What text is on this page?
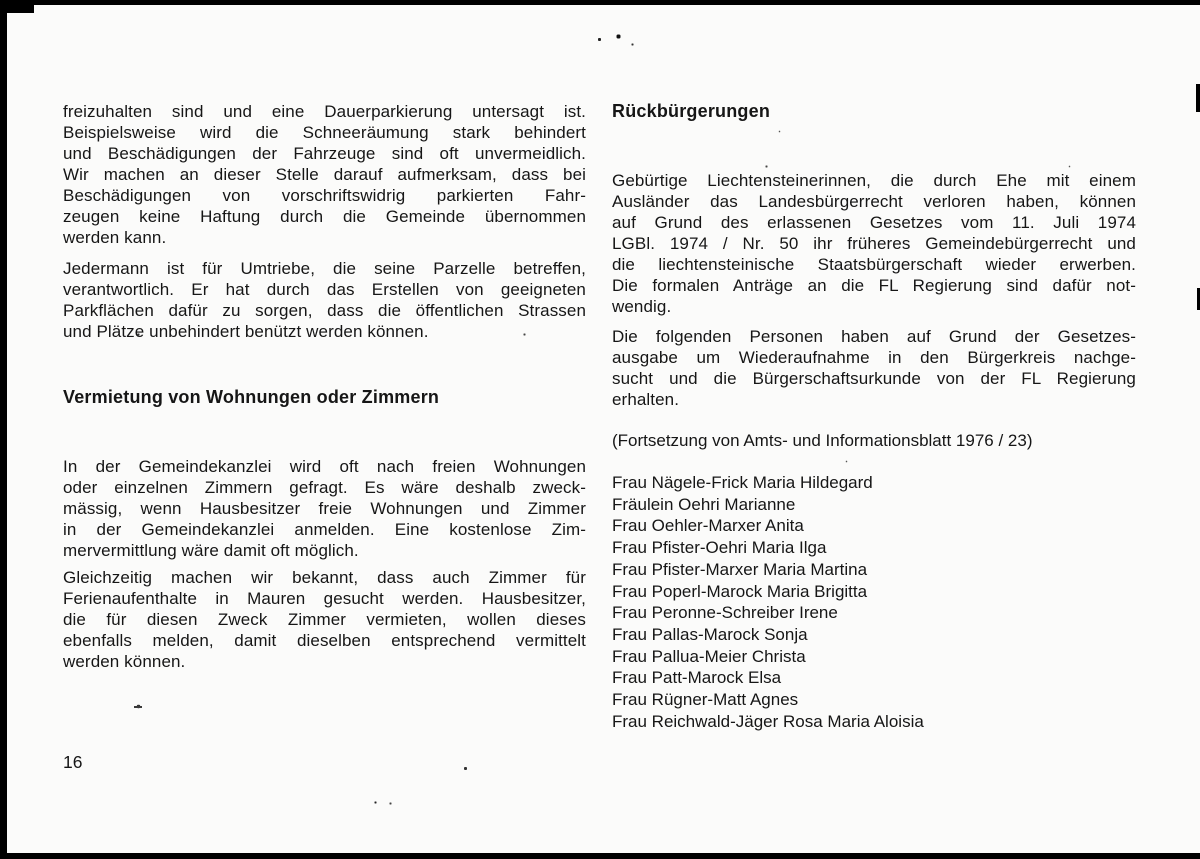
freizuhalten sind und eine Dauerparkierung untersagt ist.
Beispielsweise wird die Schneeräumung stark behindert
und Beschädigungen der Fahrzeuge sind oft unvermeidlich.
Wir machen an dieser Stelle darauf aufmerksam, dass bei
Beschädigungen von vorschriftswidrig parkierten Fahr-
zeugen keine Haftung durch die Gemeinde übernommen
werden kann.
Jedermann ist für Umtriebe, die seine Parzelle betreffen,
verantwortlich. Er hat durch das Erstellen von geeigneten
Parkflächen dafür zu sorgen, dass die öffentlichen Strassen
und Plätze unbehindert benützt werden können.
Vermietung von Wohnungen oder Zimmern
In der Gemeindekanzlei wird oft nach freien Wohnungen
oder einzelnen Zimmern gefragt. Es wäre deshalb zweck-
mässig, wenn Hausbesitzer freie Wohnungen und Zimmer
in der Gemeindekanzlei anmelden. Eine kostenlose Zim-
mervermittlung wäre damit oft möglich.
Gleichzeitig machen wir bekannt, dass auch Zimmer für
Ferienaufenthalte in Mauren gesucht werden. Hausbesitzer,
die für diesen Zweck Zimmer vermieten, wollen dieses
ebenfalls melden, damit dieselben entsprechend vermittelt
werden können.
Rückbürgerungen
Gebürtige Liechtensteinerinnen, die durch Ehe mit einem
Ausländer das Landesbürgerrecht verloren haben, können
auf Grund des erlassenen Gesetzes vom 11. Juli 1974
LGBl. 1974 / Nr. 50 ihr früheres Gemeindebürgerrecht und
die liechtensteinische Staatsbürgerschaft wieder erwerben.
Die formalen Anträge an die FL Regierung sind dafür not-
wendig.
Die folgenden Personen haben auf Grund der Gesetzes-
ausgabe um Wiederaufnahme in den Bürgerkreis nachge-
sucht und die Bürgerschaftsurkunde von der FL Regierung
erhalten.
(Fortsetzung von Amts- und Informationsblatt 1976 / 23)
Frau Nägele-Frick Maria Hildegard
Fräulein Oehri Marianne
Frau Oehler-Marxer Anita
Frau Pfister-Oehri Maria Ilga
Frau Pfister-Marxer Maria Martina
Frau Poperl-Marock Maria Brigitta
Frau Peronne-Schreiber Irene
Frau Pallas-Marock Sonja
Frau Pallua-Meier Christa
Frau Patt-Marock Elsa
Frau Rügner-Matt Agnes
Frau Reichwald-Jäger Rosa Maria Aloisia
16
